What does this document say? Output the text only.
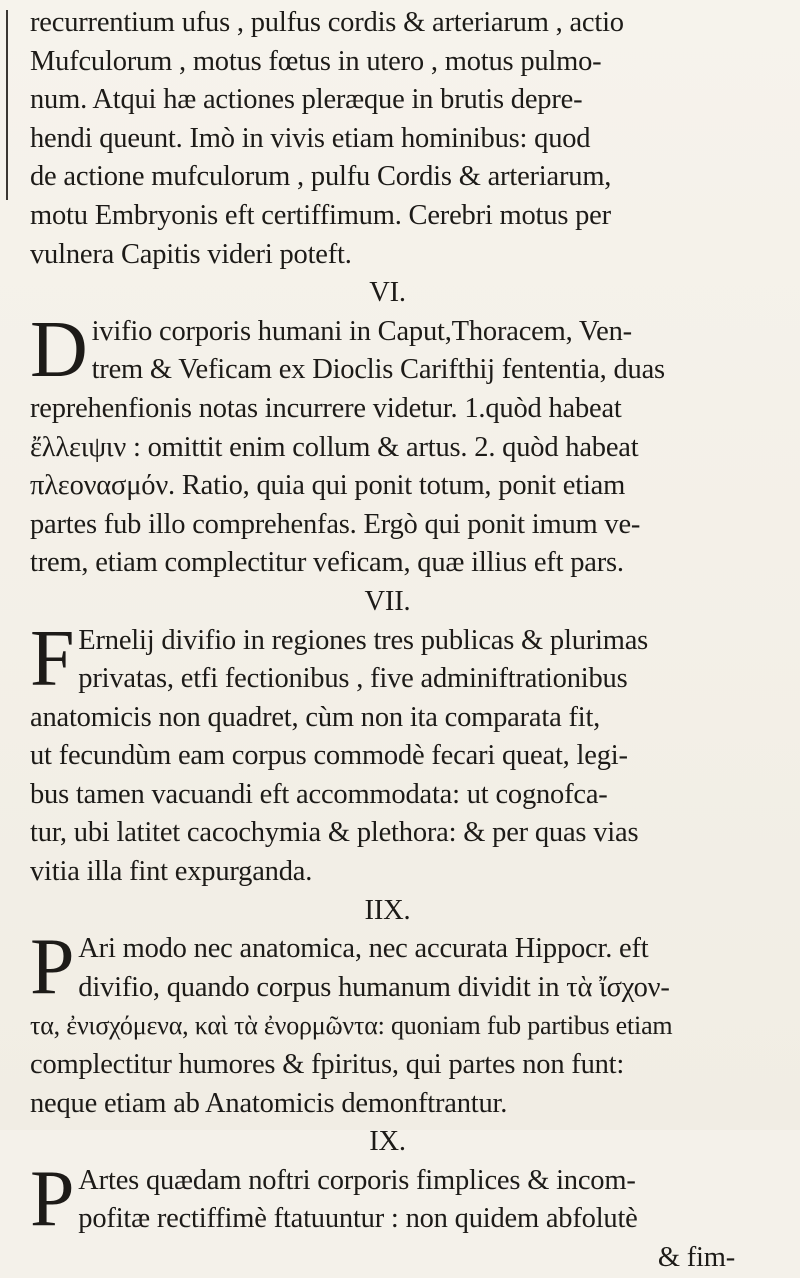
recurrentium ufus , pulfus cordis & arteriarum , actio
Mufculorum , motus fœtus in utero , motus pulmo-
num. Atqui hæ actiones pleræque in brutis depre-
hendi queunt. Imò in vivis etiam hominibus: quod
de actione mufculorum , pulfu Cordis & arteriarum,
motu Embryonis eft certiffimum. Cerebri motus per
vulnera Capitis videri poteft.
VI.
D ivifio corporis humani in Caput,Thoracem, Ven-
trem & Veficam ex Dioclis Carifthij fententia, duas
reprehenfionis notas incurrere videtur. 1.quòd habeat
ἔλλειψιν : omittit enim collum & artus. 2. quòd habeat
πλεονασμόν. Ratio, quia qui ponit totum, ponit etiam
partes fub illo comprehenfas. Ergò qui ponit imum ve-
trem, etiam complectitur veficam, quæ illius eft pars.
VII.
F Ernelij divifio in regiones tres publicas & plurimas
privatas, etfi fectionibus , five adminiftrationibus
anatomicis non quadret, cùm non ita comparata fit,
ut fecundùm eam corpus commodè fecari queat, legi-
bus tamen vacuandi eft accommodata: ut cognofca-
tur, ubi latitet cacochymia & plethora: & per quas vias
vitia illa fint expurganda.
IIX.
P Ari modo nec anatomica, nec accurata Hippocr. eft
divifio, quando corpus humanum dividit in τὰ ἴσχον-
τα, ἐνισχόμενα, καὶ τὰ ἐνορμῶντα: quoniam fub partibus etiam
complectitur humores & fpiritus, qui partes non funt:
neque etiam ab Anatomicis demonftrantur.
IX.
P Artes quædam noftri corporis fimplices & incom-
pofitæ rectiffimè ftatuuntur : non quidem abfolutè
& fim-
